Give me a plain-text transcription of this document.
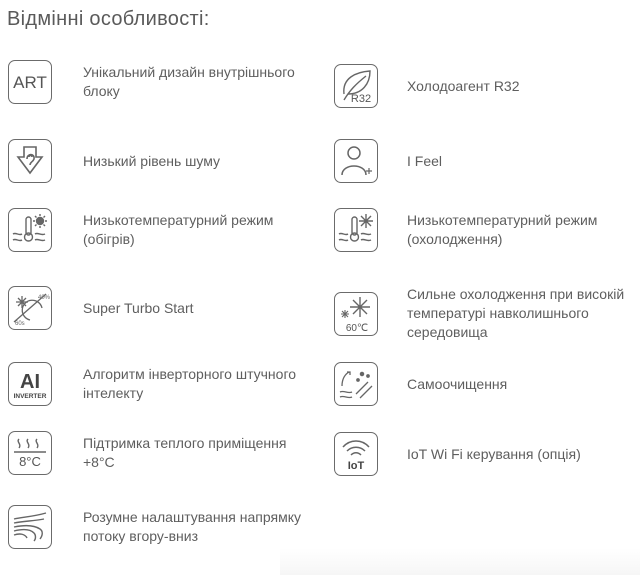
Відмінні особливості:
ART
Унікальний дизайн внутрішнього блоку
Низький рівень шуму
Низькотемпературний режим (обігрів)
40%
60s
Super Turbo Start
AI
INVERTER
Алгоритм інверторного штучного інтелекту
8°C
Підтримка теплого приміщення +8°C
Розумне налаштування напрямку потоку вгору-вниз
R32
Холодоагент R32
I Feel
Низькотемпературний режим (охолодження)
60℃
Сильне охолодження при високій температурі навколишнього середовища
Самоочищення
IoT
IoT Wi Fi керування (опція)
